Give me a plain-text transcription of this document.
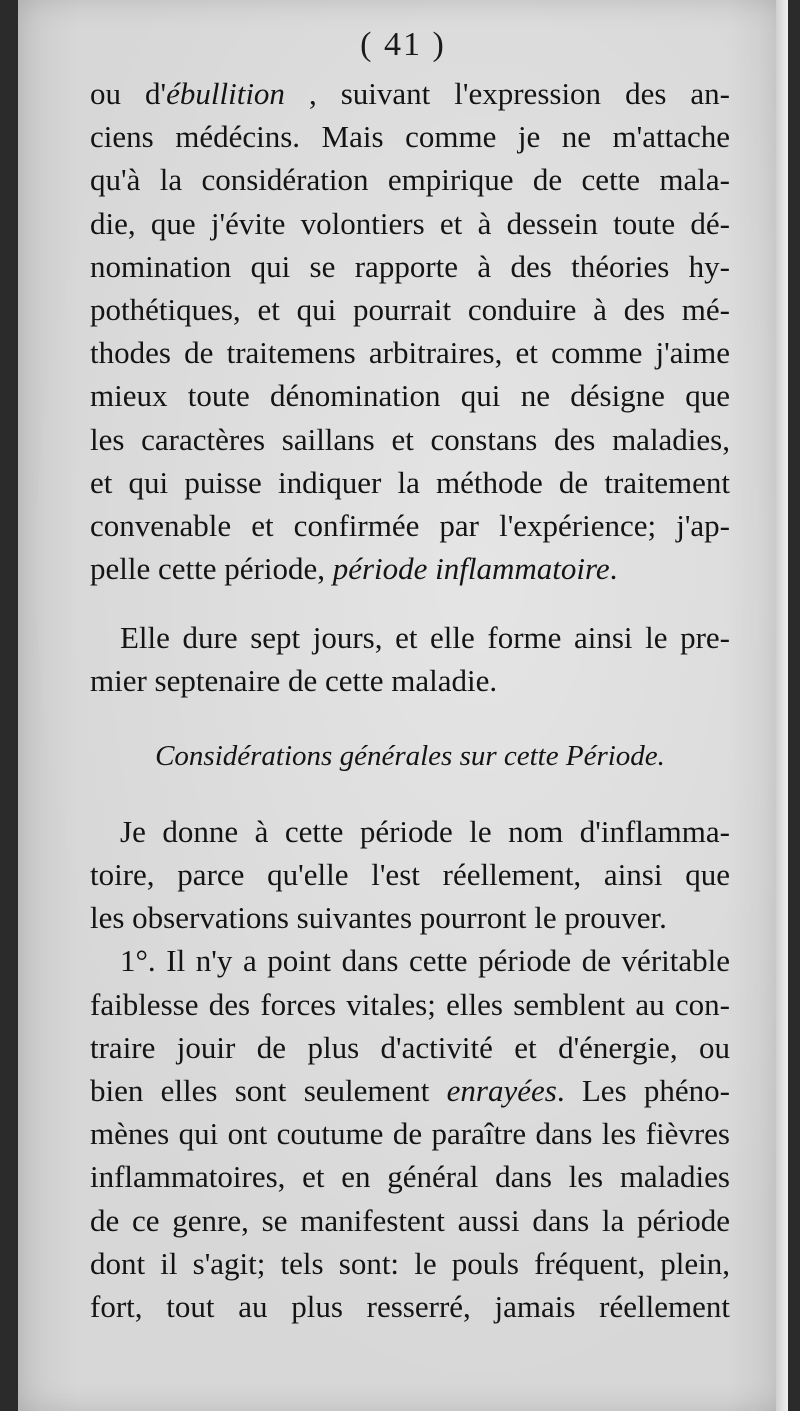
( 41 )
ou d'ébullition , suivant l'expression des an-
ciens médécins. Mais comme je ne m'attache
qu'à la considération empirique de cette mala-
die, que j'évite volontiers et à dessein toute dé-
nomination qui se rapporte à des théories hy-
pothétiques, et qui pourrait conduire à des mé-
thodes de traitemens arbitraires, et comme j'aime
mieux toute dénomination qui ne désigne que
les caractères saillans et constans des maladies,
et qui puisse indiquer la méthode de traitement
convenable et confirmée par l'expérience; j'ap-
pelle cette période, période inflammatoire.
Elle dure sept jours, et elle forme ainsi le pre-
mier septenaire de cette maladie.
Considérations générales sur cette Période.
Je donne à cette période le nom d'inflamma-
toire, parce qu'elle l'est réellement, ainsi que
les observations suivantes pourront le prouver.
1°. Il n'y a point dans cette période de véritable
faiblesse des forces vitales; elles semblent au con-
traire jouir de plus d'activité et d'énergie, ou
bien elles sont seulement enrayées. Les phéno-
mènes qui ont coutume de paraître dans les fièvres
inflammatoires, et en général dans les maladies
de ce genre, se manifestent aussi dans la période
dont il s'agit; tels sont: le pouls fréquent, plein,
fort, tout au plus resserré, jamais réellement
